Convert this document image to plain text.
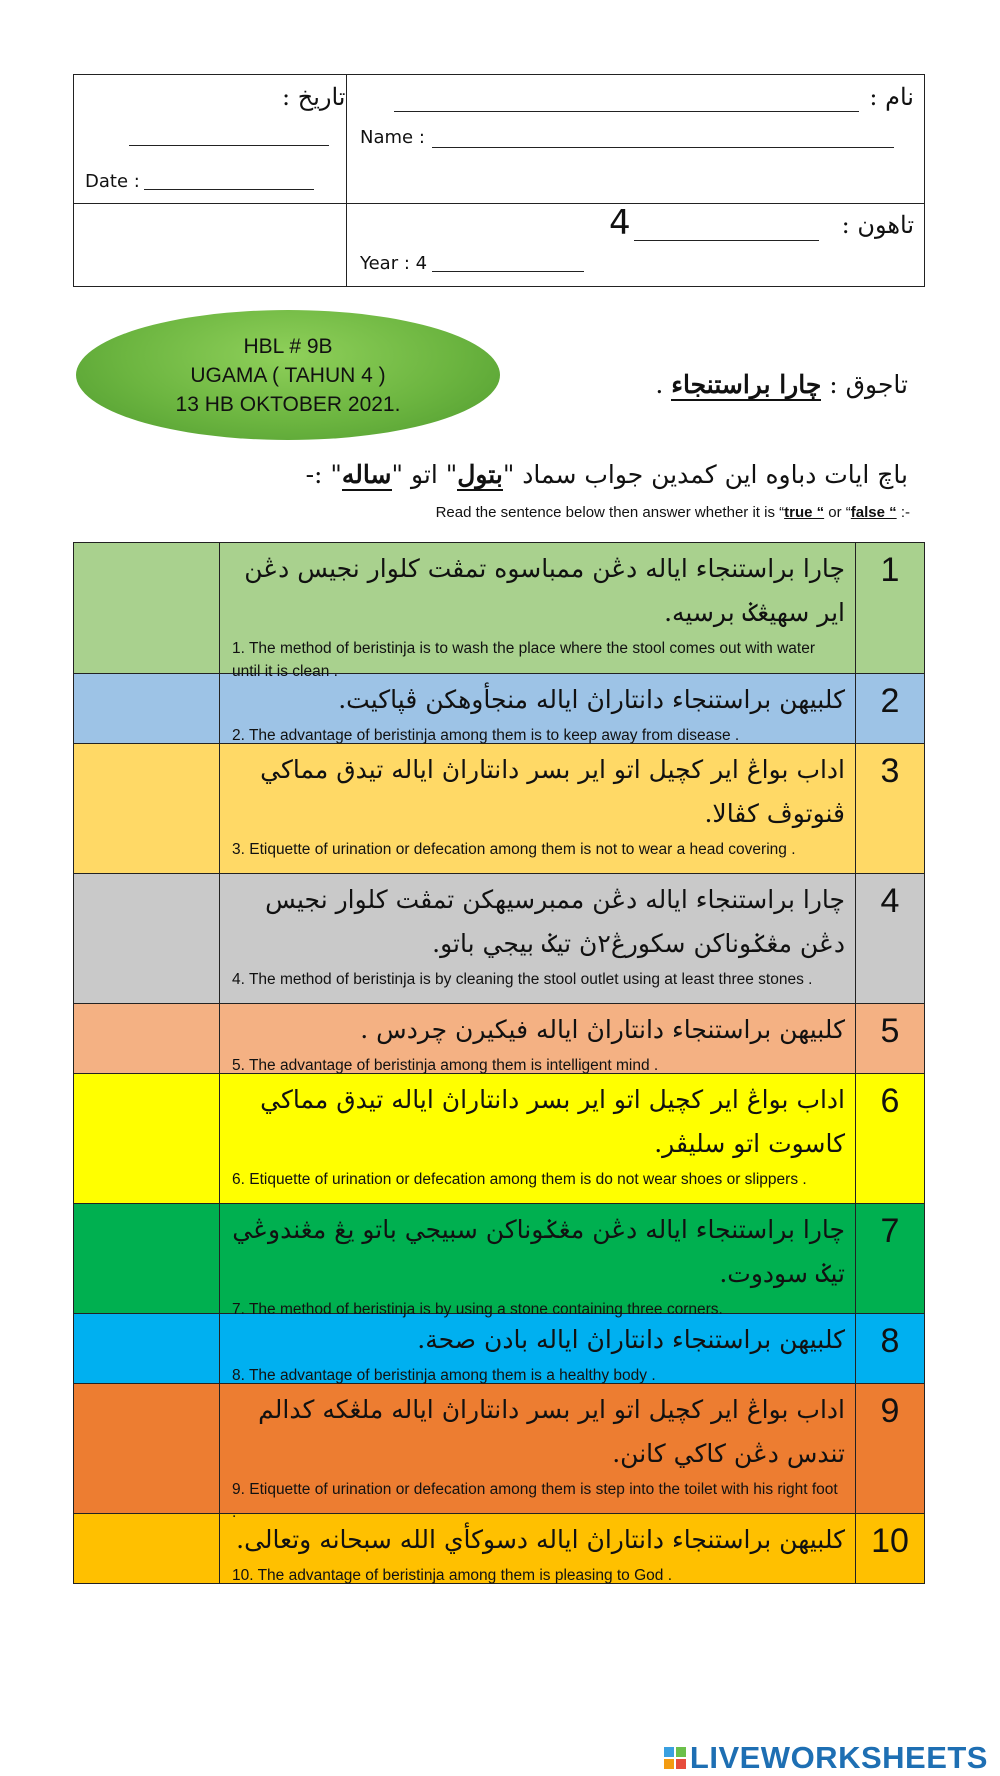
نام :
Name :
تاريخ :
Date :
تاهون :
4
Year : 4
HBL # 9B
UGAMA ( TAHUN 4 )
13 HB OKTOBER 2021.
تاجوق : چارا براستنجاء .
باچ ايات دباوه اين کمدين جواب سماد "بتول" اتو "ساله" :-
Read the sentence below then answer whether it is “true “ or “false “ :-
چارا براستنجاء اياله دڠن ممباسوه تمڤت کلوار نجيس دڠن اير سهيڠݢ برسيه.
1. The method of beristinja is to wash the place where the stool comes out with water until it is clean .
1
کلبيهن براستنجاء دانتاراڽ اياله منجأوهکن ڤڽاکيت.
2. The advantage of beristinja among them is to keep away from disease .
2
اداب بواڠ اير کچيل اتو اير بسر دانتاراڽ اياله تيدق مماکي ڤنوتوڤ کڤالا.
3. Etiquette of urination or defecation among them is not to wear a head covering .
3
چارا براستنجاء اياله دڠن ممبرسيهکن تمڤت کلوار نجيس دڠن مڠݢوناکن سکورڠ٢ڽ تيݢ بيجي باتو.
4. The method of beristinja is by cleaning the stool outlet using at least three stones .
4
کلبيهن براستنجاء دانتاراڽ اياله فيکيرن چردس .
5. The advantage of beristinja among them is intelligent mind .
5
اداب بواڠ اير کچيل اتو اير بسر دانتاراڽ اياله تيدق مماکي کاسوت اتو سليڤر.
6. Etiquette of urination or defecation among them is do not wear shoes or slippers .
6
چارا براستنجاء اياله دڠن مڠݢوناکن سبيجي باتو يڠ مڠندوڠي تيݢ سودوت.
7. The method of beristinja is by using a stone containing three corners.
7
کلبيهن براستنجاء دانتاراڽ اياله بادن صحة.
8. The advantage of beristinja among them is a healthy body .
8
اداب بواڠ اير کچيل اتو اير بسر دانتاراڽ اياله ملڠکه کدالم تندس دڠن کاکي کانن.
9. Etiquette of urination or defecation among them is step into the toilet with his right foot .
9
کلبيهن براستنجاء دانتاراڽ اياله دسوکأي الله سبحانه وتعالى.
10. The advantage of beristinja among them is pleasing to God .
10
LIVEWORKSHEETS
